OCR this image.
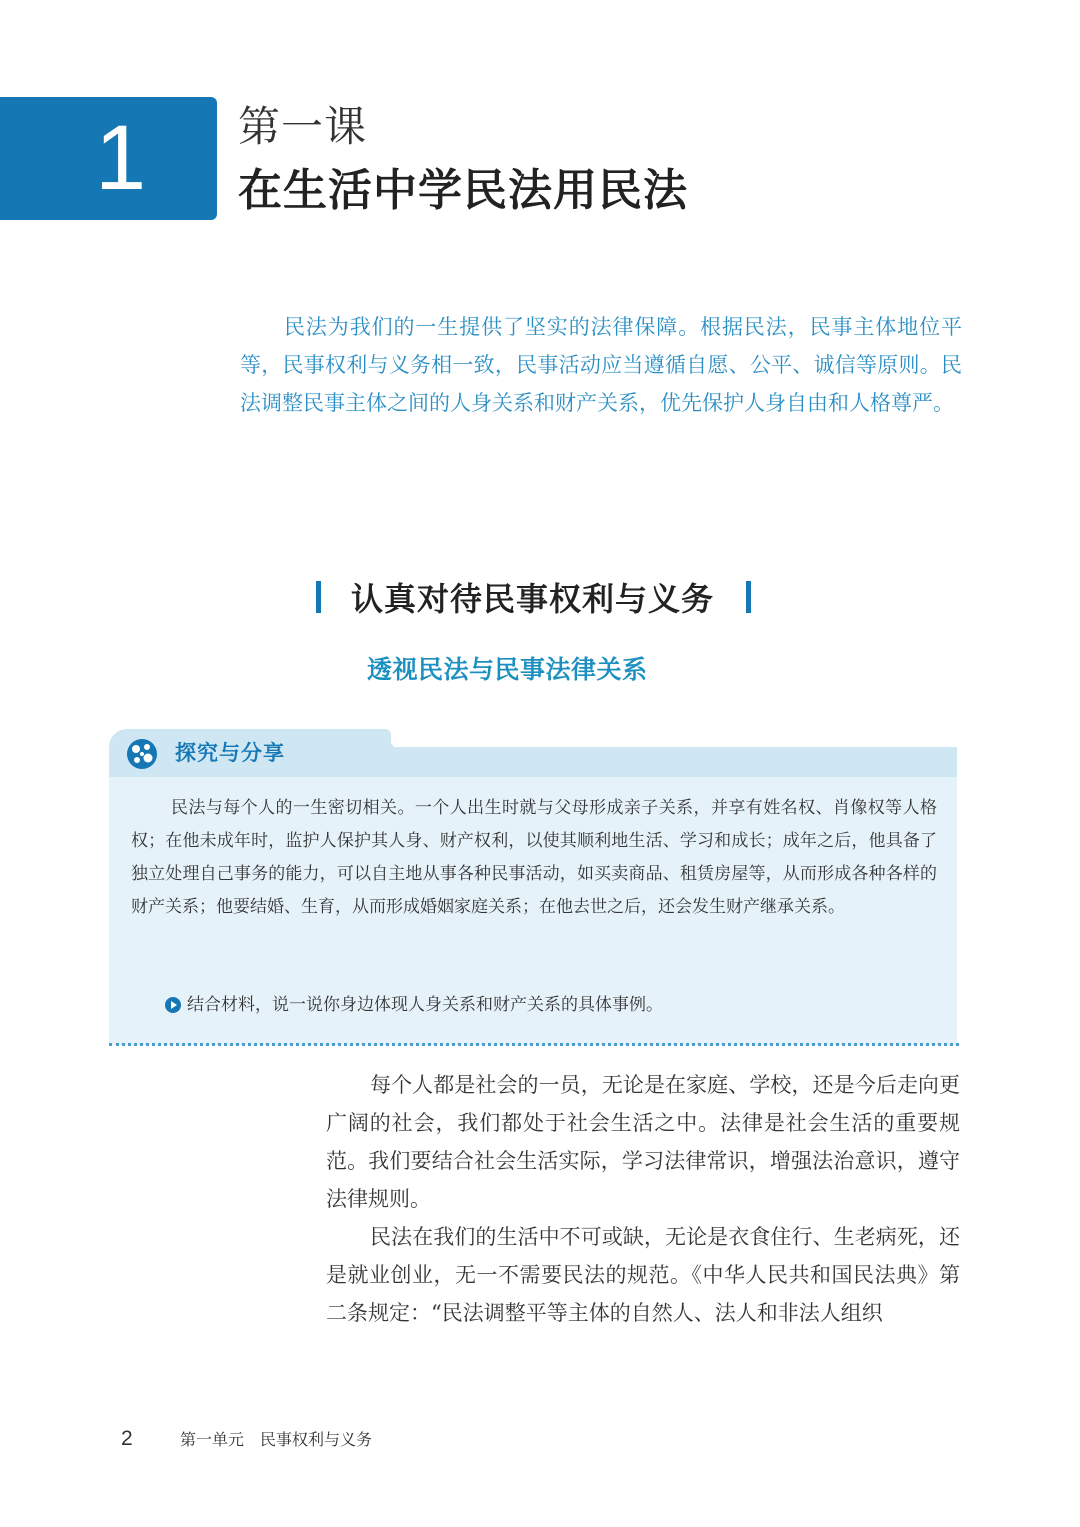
1 第一课
在生活中学民法用民法
民法为我们的一生提供了坚实的法律保障。根据民法，民事主体地位平等，民事权利与义务相一致，民事活动应当遵循自愿、公平、诚信等原则。民法调整民事主体之间的人身关系和财产关系，优先保护人身自由和人格尊严。
认真对待民事权利与义务
透视民法与民事法律关系
探究与分享
民法与每个人的一生密切相关。一个人出生时就与父母形成亲子关系，并享有姓名权、肖像权等人格权；在他未成年时，监护人保护其人身、财产权利，以使其顺利地生活、学习和成长；成年之后，他具备了独立处理自己事务的能力，可以自主地从事各种民事活动，如买卖商品、租赁房屋等，从而形成各种各样的财产关系；他要结婚、生育，从而形成婚姻家庭关系；在他去世之后，还会发生财产继承关系。
结合材料，说一说你身边体现人身关系和财产关系的具体事例。

每个人都是社会的一员，无论是在家庭、学校，还是今后走向更广阔的社会，我们都处于社会生活之中。法律是社会生活的重要规范。我们要结合社会生活实际，学习法律常识，增强法治意识，遵守法律规则。

民法在我们的生活中不可或缺，无论是衣食住行、生老病死，还是就业创业，无一不需要民法的规范。《中华人民共和国民法典》第二条规定：“民法调整平等主体的自然人、法人和非法人组织

2	第一单元　民事权利与义务
